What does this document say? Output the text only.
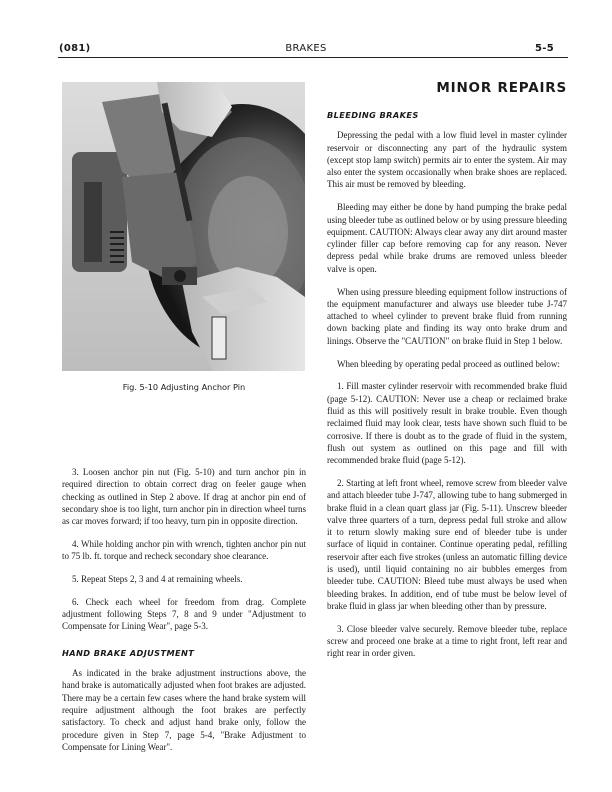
(081)	BRAKES	5-5
Fig. 5-10 Adjusting Anchor Pin

3. Loosen anchor pin nut (Fig. 5-10) and turn anchor pin in required direction to obtain correct drag on feeler gauge when checking as outlined in Step 2 above. If drag at anchor pin end of secondary shoe is too light, turn anchor pin in direction wheel turns as car moves forward; if too heavy, turn pin in opposite direction.

4. While holding anchor pin with wrench, tighten anchor pin nut to 75 lb. ft. torque and recheck secondary shoe clearance.

5. Repeat Steps 2, 3 and 4 at remaining wheels.

6. Check each wheel for freedom from drag. Complete adjustment following Steps 7, 8 and 9 under "Adjustment to Compensate for Lining Wear", page 5-3.

HAND BRAKE ADJUSTMENT

As indicated in the brake adjustment instructions above, the hand brake is automatically adjusted when foot brakes are adjusted. There may be a certain few cases where the hand brake system will require adjustment although the foot brakes are perfectly satisfactory. To check and adjust hand brake only, follow the procedure given in Step 7, page 5-4, "Brake Adjustment to Compensate for Lining Wear".

MINOR REPAIRS
BLEEDING BRAKES

Depressing the pedal with a low fluid level in master cylinder reservoir or disconnecting any part of the hydraulic system (except stop lamp switch) permits air to enter the system. Air may also enter the system occasionally when brake shoes are replaced. This air must be removed by bleeding.

Bleeding may either be done by hand pumping the brake pedal using bleeder tube as outlined below or by using pressure bleeding equipment. CAUTION: Always clear away any dirt around master cylinder filler cap before removing cap for any reason. Never depress pedal while brake drums are removed unless bleeder valve is open.

When using pressure bleeding equipment follow instructions of the equipment manufacturer and always use bleeder tube J-747 attached to wheel cylinder to prevent brake fluid from running down backing plate and finding its way onto brake drum and linings. Observe the "CAUTION" on brake fluid in Step 1 below.

When bleeding by operating pedal proceed as outlined below:

1. Fill master cylinder reservoir with recommended brake fluid (page 5-12). CAUTION: Never use a cheap or reclaimed brake fluid as this will positively result in brake trouble. Even though reclaimed fluid may look clear, tests have shown such fluid to be corrosive. If there is doubt as to the grade of fluid in the system, flush out system as outlined on this page and fill with recommended brake fluid (page 5-12).

2. Starting at left front wheel, remove screw from bleeder valve and attach bleeder tube J-747, allowing tube to hang submerged in brake fluid in a clean quart glass jar (Fig. 5-11). Unscrew bleeder valve three quarters of a turn, depress pedal full stroke and allow it to return slowly making sure end of bleeder tube is under surface of liquid in container. Continue operating pedal, refilling reservoir after each five strokes (unless an automatic filling device is used), until liquid containing no air bubbles emerges from bleeder tube. CAUTION: Bleed tube must always be used when bleeding brakes. In addition, end of tube must be below level of brake fluid in glass jar when bleeding other than by pressure.

3. Close bleeder valve securely. Remove bleeder tube, replace screw and proceed one brake at a time to right front, left rear and right rear in order given.
